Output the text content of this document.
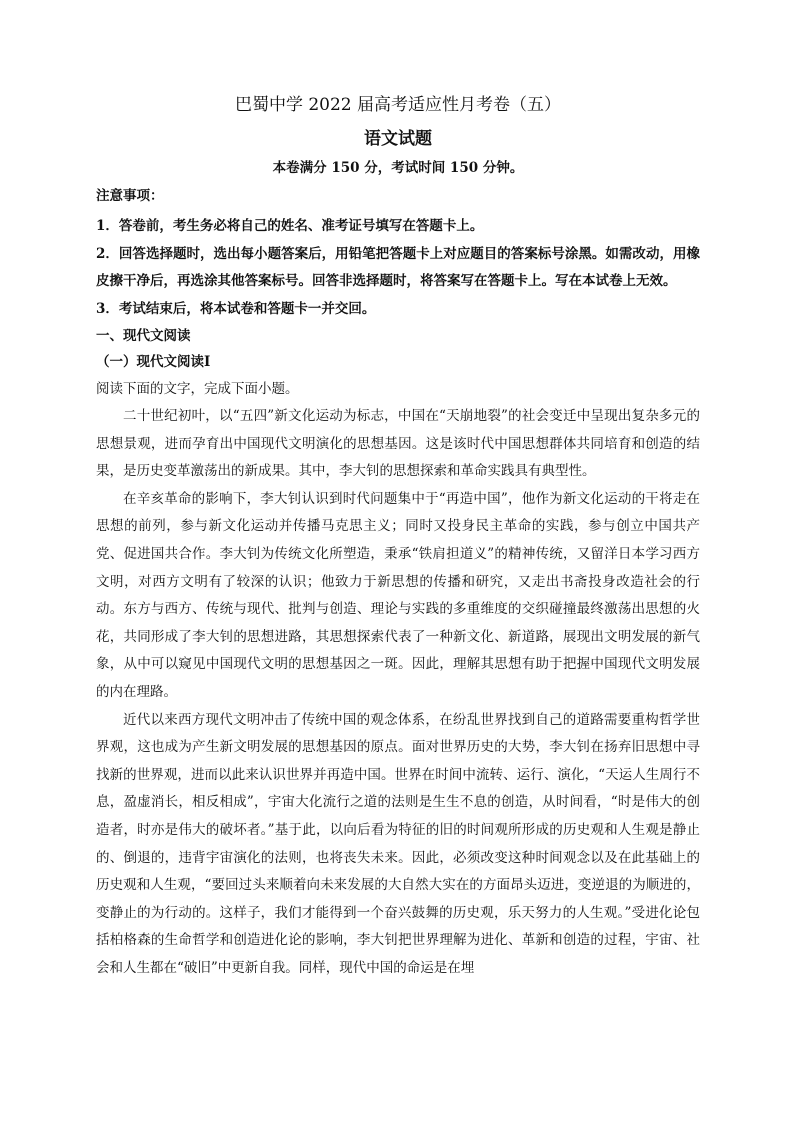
巴蜀中学 2022 届高考适应性月考卷（五）
语文试题

本卷满分 150 分，考试时间 150 分钟。

注意事项：

1．答卷前，考生务必将自己的姓名、准考证号填写在答题卡上。

2．回答选择题时，选出每小题答案后，用铅笔把答题卡上对应题目的答案标号涂黑。如需改动，用橡皮擦干净后，再选涂其他答案标号。回答非选择题时，将答案写在答题卡上。写在本试卷上无效。

3．考试结束后，将本试卷和答题卡一并交回。

一、现代文阅读

（一）现代文阅读Ⅰ

阅读下面的文字，完成下面小题。

二十世纪初叶，以“五四”新文化运动为标志，中国在“天崩地裂”的社会变迁中呈现出复杂多元的思想景观，进而孕育出中国现代文明演化的思想基因。这是该时代中国思想群体共同培育和创造的结果，是历史变革激荡出的新成果。其中，李大钊的思想探索和革命实践具有典型性。

在辛亥革命的影响下，李大钊认识到时代问题集中于“再造中国”，他作为新文化运动的干将走在思想的前列，参与新文化运动并传播马克思主义；同时又投身民主革命的实践，参与创立中国共产党、促进国共合作。李大钊为传统文化所塑造，秉承“铁肩担道义”的精神传统，又留洋日本学习西方文明，对西方文明有了较深的认识；他致力于新思想的传播和研究，又走出书斋投身改造社会的行动。东方与西方、传统与现代、批判与创造、理论与实践的多重维度的交织碰撞最终激荡出思想的火花，共同形成了李大钊的思想进路，其思想探索代表了一种新文化、新道路，展现出文明发展的新气象，从中可以窥见中国现代文明的思想基因之一斑。因此，理解其思想有助于把握中国现代文明发展的内在理路。

近代以来西方现代文明冲击了传统中国的观念体系，在纷乱世界找到自己的道路需要重构哲学世界观，这也成为产生新文明发展的思想基因的原点。面对世界历史的大势，李大钊在扬弃旧思想中寻找新的世界观，进而以此来认识世界并再造中国。世界在时间中流转、运行、演化，“天运人生周行不息，盈虚消长，相反相成”，宇宙大化流行之道的法则是生生不息的创造，从时间看，“时是伟大的创造者，时亦是伟大的破坏者。”基于此，以向后看为特征的旧的时间观所形成的历史观和人生观是静止的、倒退的，违背宇宙演化的法则，也将丧失未来。因此，必须改变这种时间观念以及在此基础上的历史观和人生观，“要回过头来顺着向未来发展的大自然大实在的方面昂头迈进，变逆退的为顺进的，变静止的为行动的。这样子，我们才能得到一个奋兴鼓舞的历史观，乐天努力的人生观。”受进化论包括柏格森的生命哲学和创造进化论的影响，李大钊把世界理解为进化、革新和创造的过程，宇宙、社会和人生都在“破旧”中更新自我。同样，现代中国的命运是在埋
